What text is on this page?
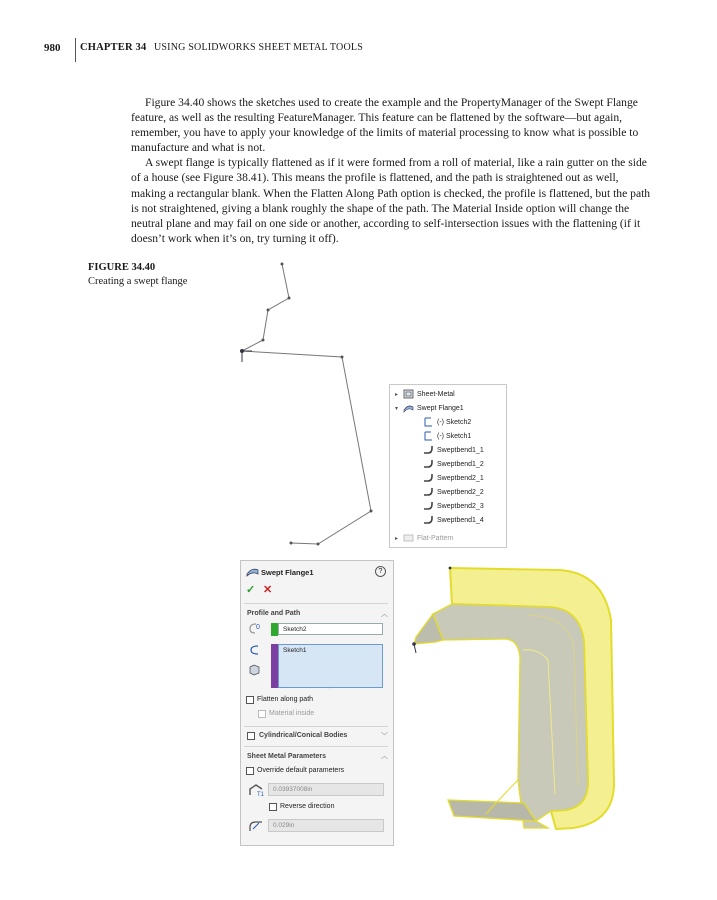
980 CHAPTER 34 USING SOLIDWORKS SHEET METAL TOOLS

Figure 34.40 shows the sketches used to create the example and the PropertyManager of the Swept Flange feature, as well as the resulting FeatureManager. This feature can be flattened by the software—but again, remember, you have to apply your knowledge of the limits of material processing to know what is possible to manufacture and what is not.

A swept flange is typically flattened as if it were formed from a roll of material, like a rain gutter on the side of a house (see Figure 38.41). This means the profile is flattened, and the path is straightened out as well, making a rectangular blank. When the Flatten Along Path option is checked, the profile is flattened, but the path is not straightened, giving a blank roughly the shape of the path. The Material Inside option will change the neutral plane and may fail on one side or another, according to self-intersection issues with the flattening (if it doesn’t work when it’s on, try turning it off).

FIGURE 34.40
Creating a swept flange
▸	Sheet-Metal
▾	Swept Flange1
(-) Sketch2
(-) Sketch1
Sweptbend1_1
Sweptbend1_2
Sweptbend2_1
Sweptbend2_2
Sweptbend2_3
Sweptbend1_4
▸	Flat-Pattern
Swept Flange1	?
✓ ✕
Profile and Path	︿
0	Sketch2
Sketch1
◌
Flatten along path
Material inside
Cylindrical/Conical Bodies	﹀
Sheet Metal Parameters	︿
Override default parameters
T1
0.03937008in
Reverse direction
0.029in
